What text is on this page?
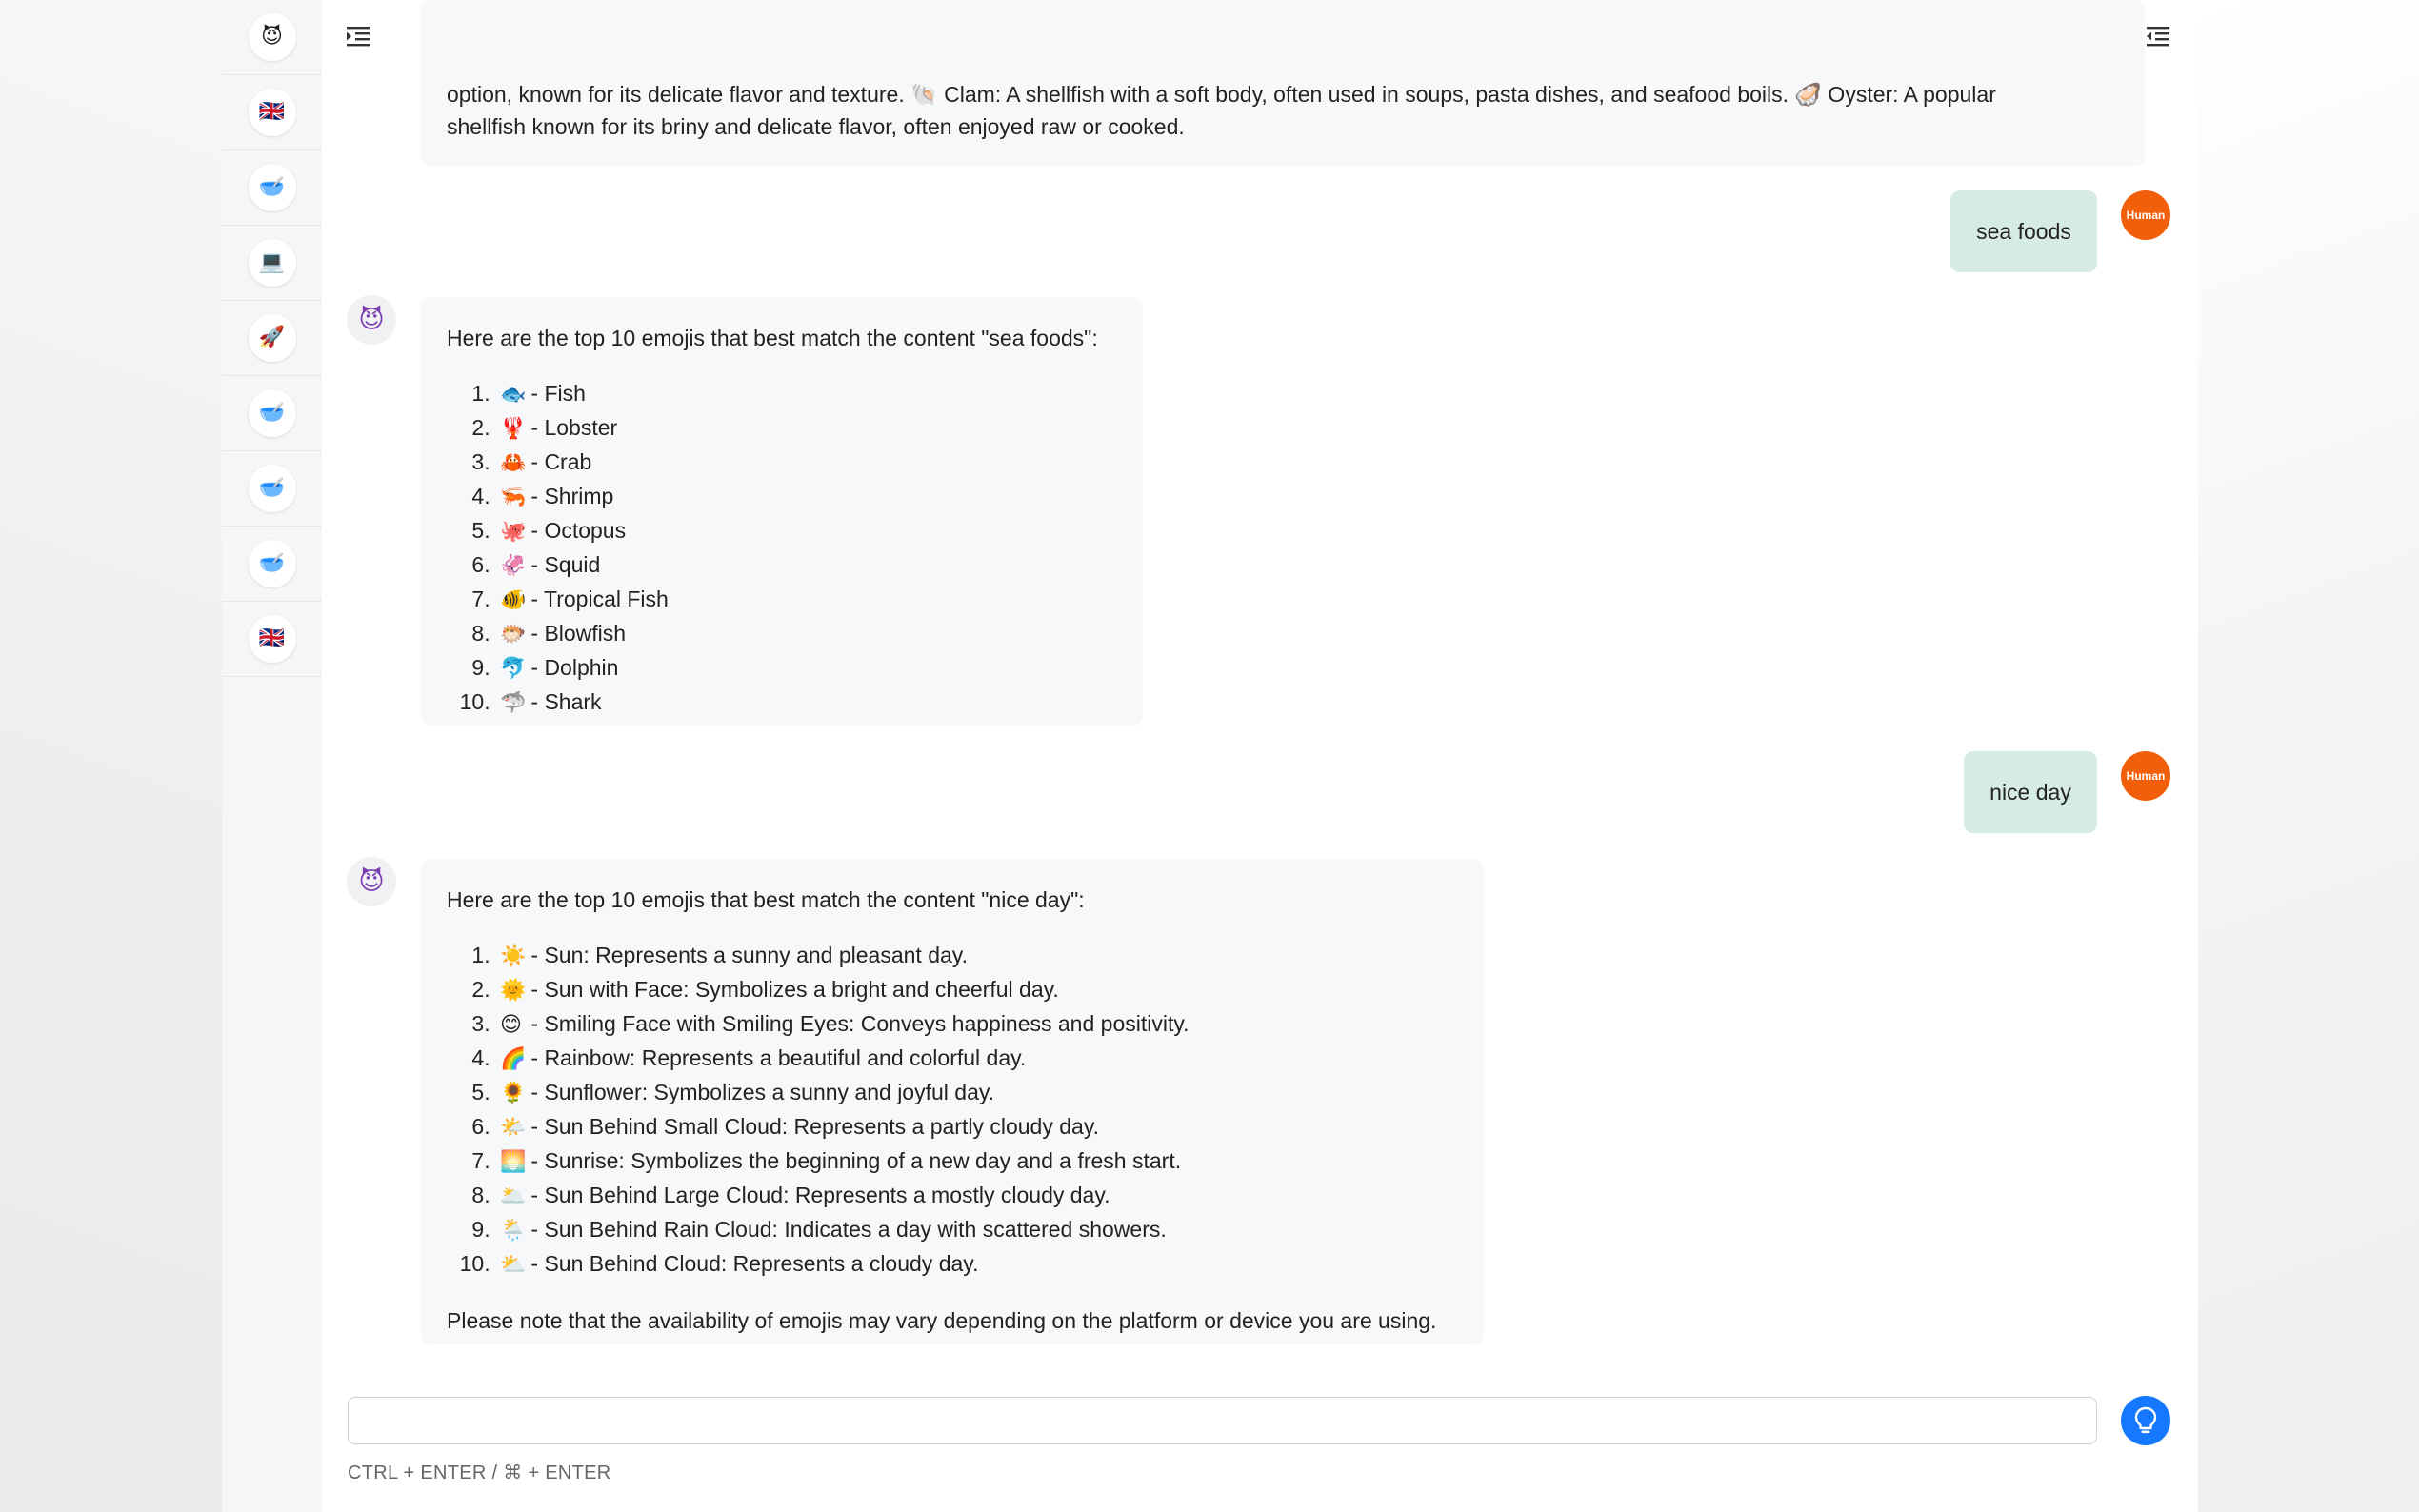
😈
🇬🇧
🥣
💻
🚀
🥣
🥣
🥣
🇬🇧

option, known for its delicate flavor and texture. 🐚 Clam: A shellfish with a soft body, often used in soups, pasta dishes, and seafood boils. 🦪 Oyster: A popular

shellfish known for its briny and delicate flavor, often enjoyed raw or cooked.

sea foods
Human
😈

Here are the top 10 emojis that best match the content "sea foods":

1. 🐟 - Fish
2. 🦞 - Lobster
3. 🦀 - Crab
4. 🦐 - Shrimp
5. 🐙 - Octopus
6. 🦑 - Squid
7. 🐠 - Tropical Fish
8. 🐡 - Blowfish
9. 🐬 - Dolphin
10. 🦈 - Shark
nice day
Human
😈

Here are the top 10 emojis that best match the content "nice day":

1. ☀️ - Sun: Represents a sunny and pleasant day.
2. 🌞 - Sun with Face: Symbolizes a bright and cheerful day.
3. 😊 - Smiling Face with Smiling Eyes: Conveys happiness and positivity.
4. 🌈 - Rainbow: Represents a beautiful and colorful day.
5. 🌻 - Sunflower: Symbolizes a sunny and joyful day.
6. 🌤️ - Sun Behind Small Cloud: Represents a partly cloudy day.
7. 🌅 - Sunrise: Symbolizes the beginning of a new day and a fresh start.
8. 🌥️ - Sun Behind Large Cloud: Represents a mostly cloudy day.
9. 🌦️ - Sun Behind Rain Cloud: Indicates a day with scattered showers.
10. ⛅ - Sun Behind Cloud: Represents a cloudy day.

Please note that the availability of emojis may vary depending on the platform or device you are using.

CTRL + ENTER / ⌘ + ENTER
